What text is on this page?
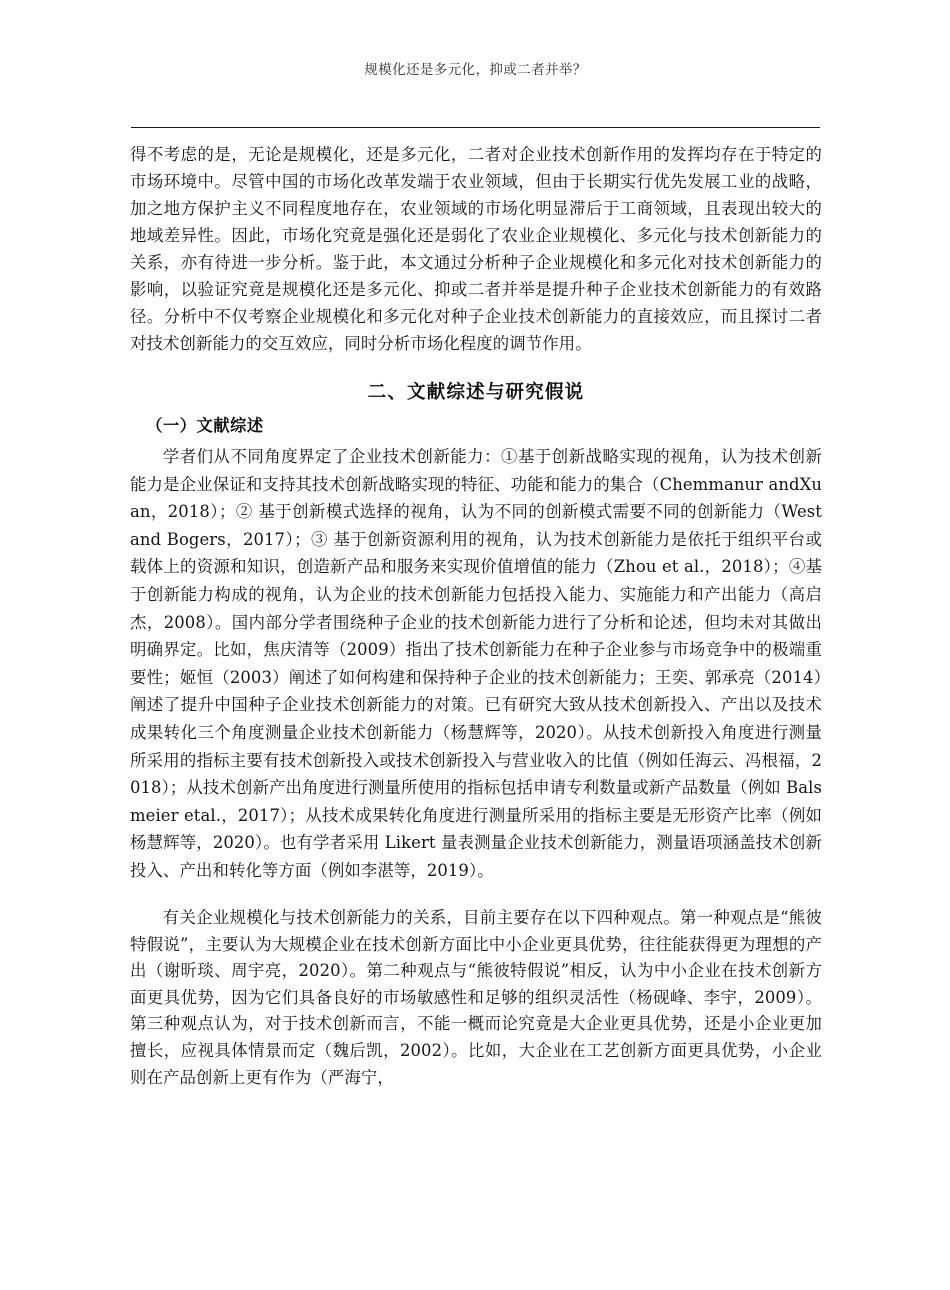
规模化还是多元化，抑或二者并举？

得不考虑的是，无论是规模化，还是多元化，二者对企业技术创新作用的发挥均存在于特定的市场环境中。尽管中国的市场化改革发端于农业领域，但由于长期实行优先发展工业的战略，加之地方保护主义不同程度地存在，农业领域的市场化明显滞后于工商领域，且表现出较大的地域差异性。因此，市场化究竟是强化还是弱化了农业企业规模化、多元化与技术创新能力的关系，亦有待进一步分析。鉴于此，本文通过分析种子企业规模化和多元化对技术创新能力的影响，以验证究竟是规模化还是多元化、抑或二者并举是提升种子企业技术创新能力的有效路径。分析中不仅考察企业规模化和多元化对种子企业技术创新能力的直接效应，而且探讨二者对技术创新能力的交互效应，同时分析市场化程度的调节作用。

二、文献综述与研究假说
（一）文献综述

学者们从不同角度界定了企业技术创新能力：①基于创新战略实现的视角，认为技术创新能力是企业保证和支持其技术创新战略实现的特征、功能和能力的集合（Chemmanur andXuan，2018）；② 基于创新模式选择的视角，认为不同的创新模式需要不同的创新能力（West and Bogers，2017）；③ 基于创新资源利用的视角，认为技术创新能力是依托于组织平台或载体上的资源和知识，创造新产品和服务来实现价值增值的能力（Zhou et al.，2018）；④基于创新能力构成的视角，认为企业的技术创新能力包括投入能力、实施能力和产出能力（高启杰，2008）。国内部分学者围绕种子企业的技术创新能力进行了分析和论述，但均未对其做出明确界定。比如，焦庆清等（2009）指出了技术创新能力在种子企业参与市场竞争中的极端重要性；姬恒（2003）阐述了如何构建和保持种子企业的技术创新能力；王奕、郭承亮（2014）阐述了提升中国种子企业技术创新能力的对策。已有研究大致从技术创新投入、产出以及技术成果转化三个角度测量企业技术创新能力（杨慧辉等，2020）。从技术创新投入角度进行测量所采用的指标主要有技术创新投入或技术创新投入与营业收入的比值（例如任海云、冯根福，2018）；从技术创新产出角度进行测量所使用的指标包括申请专利数量或新产品数量（例如 Balsmeier etal.，2017）；从技术成果转化角度进行测量所采用的指标主要是无形资产比率（例如杨慧辉等，2020）。也有学者采用 Likert 量表测量企业技术创新能力，测量语项涵盖技术创新投入、产出和转化等方面（例如李湛等，2019）。

有关企业规模化与技术创新能力的关系，目前主要存在以下四种观点。第一种观点是“熊彼特假说”，主要认为大规模企业在技术创新方面比中小企业更具优势，往往能获得更为理想的产出（谢昕琰、周宇亮，2020）。第二种观点与“熊彼特假说”相反，认为中小企业在技术创新方面更具优势，因为它们具备良好的市场敏感性和足够的组织灵活性（杨砚峰、李宇，2009）。第三种观点认为，对于技术创新而言，不能一概而论究竟是大企业更具优势，还是小企业更加擅长，应视具体情景而定（魏后凯，2002）。比如，大企业在工艺创新方面更具优势，小企业则在产品创新上更有作为（严海宁，
